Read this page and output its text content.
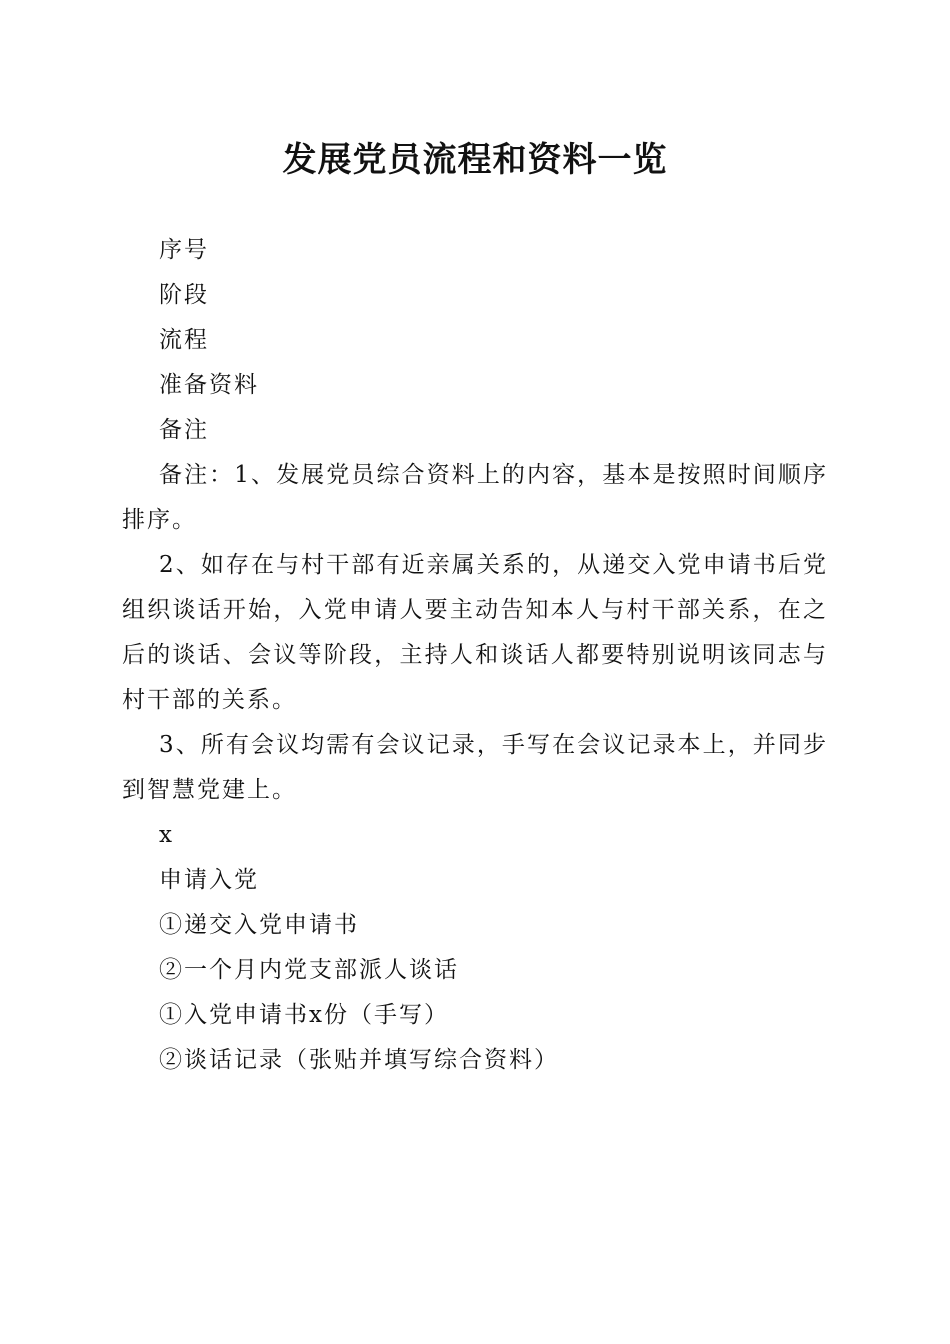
发展党员流程和资料一览

序号

阶段

流程

准备资料

备注

备注：1、发展党员综合资料上的内容，基本是按照时间顺序排序。

2、如存在与村干部有近亲属关系的，从递交入党申请书后党组织谈话开始，入党申请人要主动告知本人与村干部关系，在之后的谈话、会议等阶段，主持人和谈话人都要特别说明该同志与村干部的关系。

3、所有会议均需有会议记录，手写在会议记录本上，并同步到智慧党建上。

x

申请入党

①递交入党申请书

②一个月内党支部派人谈话

①入党申请书x份（手写）

②谈话记录（张贴并填写综合资料）
